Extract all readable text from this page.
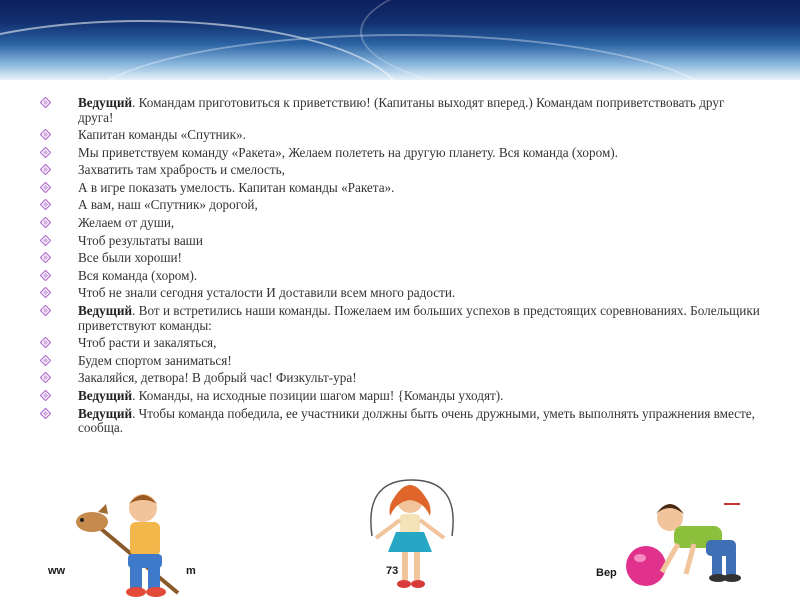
Ведущий. Командам приготовиться к приветствию! (Капитаны выходят вперед.) Командам поприветствовать друг друга!
Капитан команды «Спутник».
Мы приветствуем команду «Ракета», Желаем полететь на другую планету. Вся команда (хором).
Захватить там храбрость и смелость,
А в игре показать умелость. Капитан команды «Ракета».
А вам, наш «Спутник» дорогой,
Желаем от души,
Чтоб результаты ваши
Все были хороши!
Вся команда (хором).
Чтоб не знали сегодня усталости И доставили всем много радости.
Ведущий. Вот и встретились наши команды. Пожелаем им больших успехов в предстоящих соревнованиях. Болельщики приветствуют команды:
Чтоб расти и закаляться,
Будем спортом заниматься!
Закаляйся, детвора! В добрый час! Физкульт-ура!
Ведущий. Команды, на исходные позиции шагом марш! {Команды уходят).
Ведущий. Чтобы команда победила, ее участники должны быть очень дружными, уметь выполнять упражнения вместе, сообща.
ww	m	73	Вер
